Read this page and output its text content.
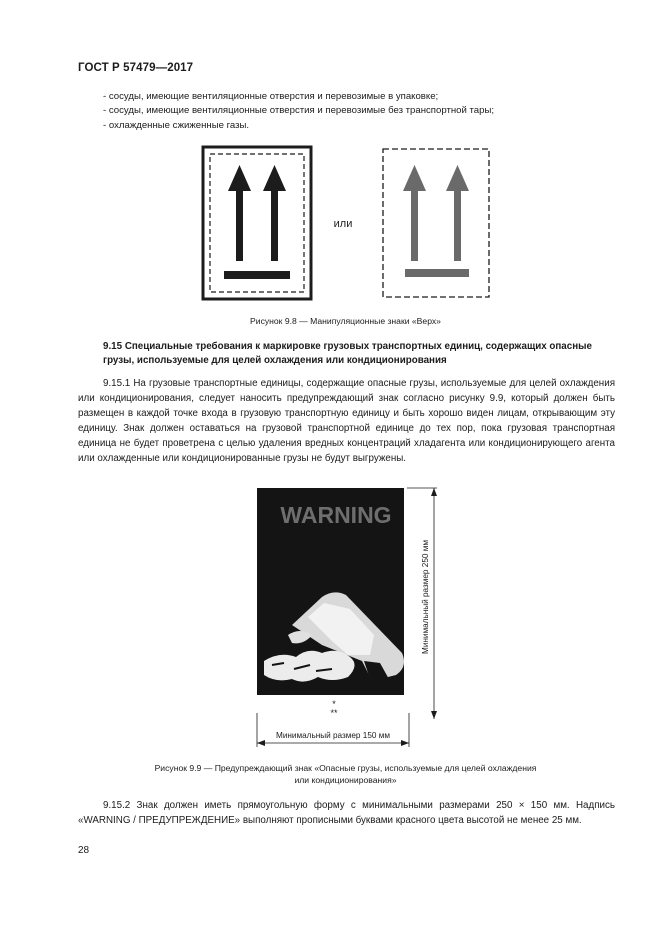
ГОСТ Р 57479—2017
- сосуды, имеющие вентиляционные отверстия и перевозимые в упаковке;
- сосуды, имеющие вентиляционные отверстия и перевозимые без транспортной тары;
- охлажденные сжиженные газы.
или
Рисунок 9.8 — Манипуляционные знаки «Верх»
9.15 Специальные требования к маркировке грузовых транспортных единиц, содержащих опасные грузы, используемые для целей охлаждения или кондиционирования
9.15.1 На грузовые транспортные единицы, содержащие опасные грузы, используемые для целей охлаждения или кондиционирования, следует наносить предупреждающий знак согласно рисунку 9.9, который должен быть размещен в каждой точке входа в грузовую транспортную единицу и быть хорошо виден лицам, открывающим эту единицу. Знак должен оставаться на грузовой транспортной единице до тех пор, пока грузовая транспортная единица не будет проветрена с целью удаления вредных концентраций хладагента или кондиционирующего агента или охлажденные или кондиционированные грузы не будут выгружены.
WARNING
*
**
Минимальный размер 250 мм
Минимальный размер 150 мм
Рисунок 9.9 — Предупреждающий знак «Опасные грузы, используемые для целей охлаждения
или кондиционирования»
9.15.2 Знак должен иметь прямоугольную форму с минимальными размерами 250 × 150 мм. Надпись «WARNING / ПРЕДУПРЕЖДЕНИЕ» выполняют прописными буквами красного цвета высотой не менее 25 мм.
28
